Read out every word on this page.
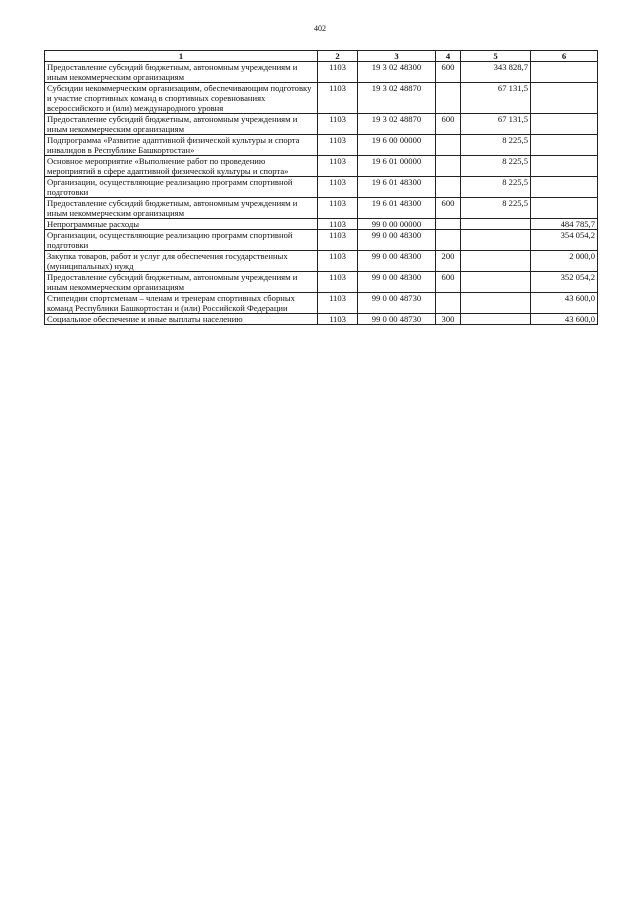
402
1	2	3	4	5	6
Предоставление субсидий бюджетным, автономным учреждениям и иным некоммерческим организациям	1103	19 3 02 48300	600	343 828,7	
Субсидии некоммерческим организациям, обеспечивающим подготовку и участие спортивных команд в спортивных соревнованиях всероссийского и (или) международного уровня	1103	19 3 02 48870		67 131,5	
Предоставление субсидий бюджетным, автономным учреждениям и иным некоммерческим организациям	1103	19 3 02 48870	600	67 131,5	
Подпрограмма «Развитие адаптивной физической культуры и спорта инвалидов в Республике Башкортостан»	1103	19 6 00 00000		8 225,5	
Основное мероприятие «Выполнение работ по проведению мероприятий в сфере адаптивной физической культуры и спорта»	1103	19 6 01 00000		8 225,5	
Организации, осуществляющие реализацию программ спортивной подготовки	1103	19 6 01 48300		8 225,5	
Предоставление субсидий бюджетным, автономным учреждениям и иным некоммерческим организациям	1103	19 6 01 48300	600	8 225,5	
Непрограммные расходы	1103	99 0 00 00000			484 785,7
Организации, осуществляющие реализацию программ спортивной подготовки	1103	99 0 00 48300			354 054,2
Закупка товаров, работ и услуг для обеспечения государственных (муниципальных) нужд	1103	99 0 00 48300	200		2 000,0
Предоставление субсидий бюджетным, автономным учреждениям и иным некоммерческим организациям	1103	99 0 00 48300	600		352 054,2
Стипендии спортсменам – членам и тренерам спортивных сборных команд Республики Башкортостан и (или) Российской Федерации	1103	99 0 00 48730			43 600,0
Социальное обеспечение и иные выплаты населению	1103	99 0 00 48730	300		43 600,0
